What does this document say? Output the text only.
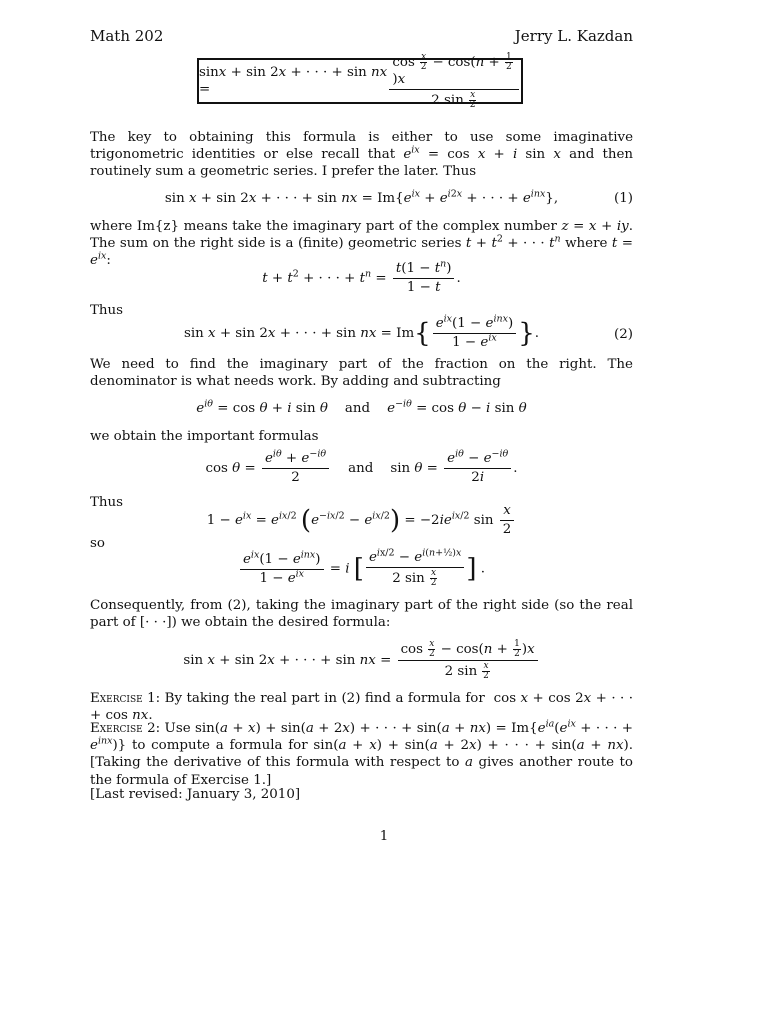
Math 202	Jerry L. Kazdan
sinx + sin 2x + · · · + sin nx =	$\cos \frac{x}{2} - \cos(n + \frac{1}{2}$
)x
2 $\sin \frac{x}{2}$
The key to obtaining this formula is either to use some imaginative trigonometric identities or else recall that $e^{ix} = \cos x + i$ sin x and then routinely sum a geometric series. I prefer the later. Thus
sin x + sin 2x + · · · + sin nx = $Im\{e^{ix} + e^{i2x}$ + · · · + $e^{inx}$},	(1)
where Im{z} means take the imaginary part of the complex number z = x + iy. The sum on the right side is a (finite) geometric series $t + t^2$ + · · · $t^n$ where $t = e^{ix}$:
$t + t^2$ + · · · + $t^n = \frac{t(1 - t^n)}{1 - t}$ .
Thus
sin x + sin 2x + · · · + sin nx = $Im\{ \frac{e^{ix}(1 - e^{inx})}{1 - e^{ix}}$ }.	(2)
We need to find the imaginary part of the fraction on the right. The denominator is what needs work. By adding and subtracting
$e^{i\theta} = \cos \theta + i$ sin θ and $e^{-i\theta} = \cos \theta - i$ sin θ
we obtain the important formulas
$\cos \theta = \frac{e^{i\theta} + e^{-i\theta}}{2}$ and    $\sin \theta = \frac{e^{i\theta} - e^{-i\theta}}{2i}$ .
Thus
$1 - e^{ix} = e^{ix/2}$ $(e^{-ix/2} - e^{ix/2}) = -2ie^{ix/2}$ $\sin \frac{x}{2}$
so
$\frac{e^{ix}(1 - e^{inx})}{1 - e^{ix}} = i$ [ $\frac{e^{ix/2} - e^{i(n+\frac{1}{2})x}}{2 \sin \frac{x}{2}}$ ] .
Consequently, from (2), taking the imaginary part of the right side (so the real part of [· · ·]) we obtain the desired formula:
sin x + sin 2x + · · · + sin nx = $\frac{\cos \frac{x}{2} - \cos(n + \frac{1}{2} )x}{2 \sin \frac{x}{2}}$
Exercise 1: By taking the real part in (2) find a formula for  cos x + cos 2x + · · · + cos nx.
Exercise 2: Use sin(a + x) + sin(a + 2x) + · · · + $\sin(a + nx) = Im\{e^{ia}(e^{ix}$ + · · · + $e^{inx}$)} to compute a formula for sin(a + x) + sin(a + 2x) + · · · + sin(a + nx). [Taking the derivative of this formula with respect to a gives another route to the formula of Exercise 1.]
[Last revised: January 3, 2010]
1
